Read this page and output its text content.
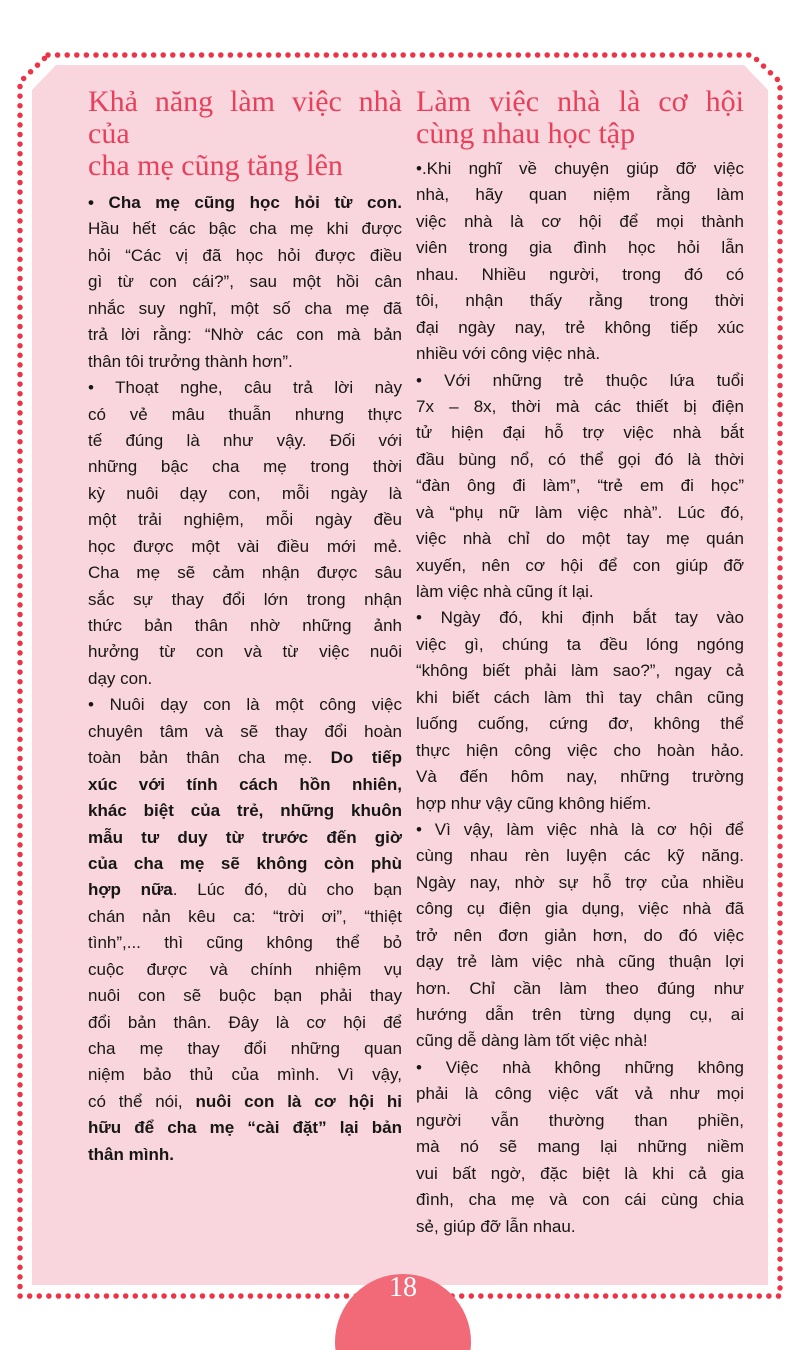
Khả năng làm việc nhà của
cha mẹ cũng tăng lên
• Cha mẹ cũng học hỏi từ con.
Hầu hết các bậc cha mẹ khi được
hỏi “Các vị đã học hỏi được điều
gì từ con cái?”, sau một hồi cân
nhắc suy nghĩ, một số cha mẹ đã
trả lời rằng: “Nhờ các con mà bản
thân tôi trưởng thành hơn”.
• Thoạt nghe, câu trả lời này
có vẻ mâu thuẫn nhưng thực
tế đúng là như vậy. Đối với
những bậc cha mẹ trong thời
kỳ nuôi dạy con, mỗi ngày là
một trải nghiệm, mỗi ngày đều
học được một vài điều mới mẻ.
Cha mẹ sẽ cảm nhận được sâu
sắc sự thay đổi lớn trong nhận
thức bản thân nhờ những ảnh
hưởng từ con và từ việc nuôi
dạy con.
• Nuôi dạy con là một công việc
chuyên tâm và sẽ thay đổi hoàn
toàn bản thân cha mẹ. Do tiếp
xúc với tính cách hồn nhiên,
khác biệt của trẻ, những khuôn
mẫu tư duy từ trước đến giờ
của cha mẹ sẽ không còn phù
hợp nữa. Lúc đó, dù cho bạn
chán nản kêu ca: “trời ơi”, “thiệt
tình”,... thì cũng không thể bỏ
cuộc được và chính nhiệm vụ
nuôi con sẽ buộc bạn phải thay
đổi bản thân. Đây là cơ hội để
cha mẹ thay đổi những quan
niệm bảo thủ của mình. Vì vậy,
có thể nói, nuôi con là cơ hội hi
hữu để cha mẹ “cài đặt” lại bản
thân mình.
Làm việc nhà là cơ hội
cùng nhau học tập
•.Khi nghĩ về chuyện giúp đỡ việc
nhà, hãy quan niệm rằng làm
việc nhà là cơ hội để mọi thành
viên trong gia đình học hỏi lẫn
nhau. Nhiều người, trong đó có
tôi, nhận thấy rằng trong thời
đại ngày nay, trẻ không tiếp xúc
nhiều với công việc nhà.
• Với những trẻ thuộc lứa tuổi
7x – 8x, thời mà các thiết bị điện
tử hiện đại hỗ trợ việc nhà bắt
đầu bùng nổ, có thể gọi đó là thời
“đàn ông đi làm”, “trẻ em đi học”
và “phụ nữ làm việc nhà”. Lúc đó,
việc nhà chỉ do một tay mẹ quán
xuyến, nên cơ hội để con giúp đỡ
làm việc nhà cũng ít lại.
• Ngày đó, khi định bắt tay vào
việc gì, chúng ta đều lóng ngóng
“không biết phải làm sao?”, ngay cả
khi biết cách làm thì tay chân cũng
luống cuống, cứng đơ, không thể
thực hiện công việc cho hoàn hảo.
Và đến hôm nay, những trường
hợp như vậy cũng không hiếm.
• Vì vậy, làm việc nhà là cơ hội để
cùng nhau rèn luyện các kỹ năng.
Ngày nay, nhờ sự hỗ trợ của nhiều
công cụ điện gia dụng, việc nhà đã
trở nên đơn giản hơn, do đó việc
dạy trẻ làm việc nhà cũng thuận lợi
hơn. Chỉ cần làm theo đúng như
hướng dẫn trên từng dụng cụ, ai
cũng dễ dàng làm tốt việc nhà!
• Việc nhà không những không
phải là công việc vất vả như mọi
người vẫn thường than phiền,
mà nó sẽ mang lại những niềm
vui bất ngờ, đặc biệt là khi cả gia
đình, cha mẹ và con cái cùng chia
sẻ, giúp đỡ lẫn nhau.
18
